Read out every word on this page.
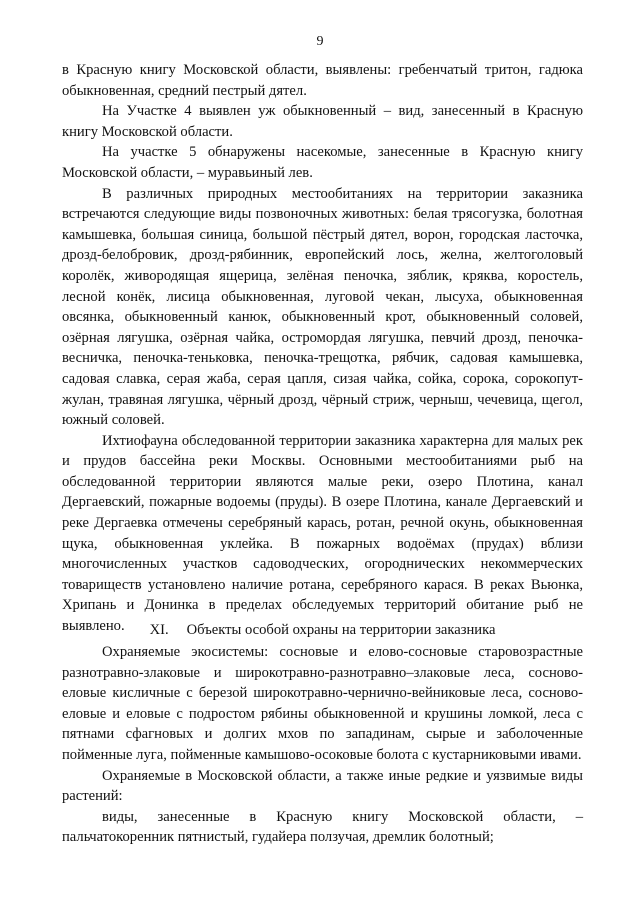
9

в Красную книгу Московской области, выявлены: гребенчатый тритон, гадюка обыкновенная, средний пестрый дятел.

На Участке 4 выявлен уж обыкновенный – вид, занесенный в Красную книгу Московской области.

На участке 5 обнаружены насекомые, занесенные в Красную книгу Московской области, – муравьиный лев.

В различных природных местообитаниях на территории заказника встречаются следующие виды позвоночных животных: белая трясогузка, болотная камышевка, большая синица, большой пёстрый дятел, ворон, городская ласточка, дрозд-белобровик, дрозд-рябинник, европейский лось, желна, желтоголовый королёк, живородящая ящерица, зелёная пеночка, зяблик, кряква, коростель, лесной конёк, лисица обыкновенная, луговой чекан, лысуха, обыкновенная овсянка, обыкновенный канюк, обыкновенный крот, обыкновенный соловей, озёрная лягушка, озёрная чайка, остромордая лягушка, певчий дрозд, пеночка-весничка, пеночка-теньковка, пеночка-трещотка, рябчик, садовая камышевка, садовая славка, серая жаба, серая цапля, сизая чайка, сойка, сорока, сорокопут-жулан, травяная лягушка, чёрный дрозд, чёрный стриж, черныш, чечевица, щегол, южный соловей.

Ихтиофауна обследованной территории заказника характерна для малых рек и прудов бассейна реки Москвы. Основными местообитаниями рыб на обследованной территории являются малые реки, озеро Плотина, канал Дергаевский, пожарные водоемы (пруды). В озере Плотина, канале Дергаевский и реке Дергаевка отмечены серебряный карась, ротан, речной окунь, обыкновенная щука, обыкновенная уклейка. В пожарных водоёмах (прудах) вблизи многочисленных участков садоводческих, огороднических некоммерческих товариществ установлено наличие ротана, серебряного карася. В реках Вьюнка, Хрипань и Донинка в пределах обследуемых территорий обитание рыб не выявлено.	XI. Объекты особой охраны на территории заказника

Охраняемые экосистемы: сосновые и елово-сосновые старовозрастные разнотравно-злаковые и широкотравно-разнотравно–злаковые леса, сосново-еловые кисличные с березой широкотравно-чернично-вейниковые леса, сосново-еловые и еловые с подростом рябины обыкновенной и крушины ломкой, леса с пятнами сфагновых и долгих мхов по западинам, сырые и заболоченные пойменные луга, пойменные камышово-осоковые болота с кустарниковыми ивами.

Охраняемые в Московской области, а также иные редкие и уязвимые виды растений:

виды, занесенные в Красную книгу Московской области, – пальчатокоренник пятнистый, гудайера ползучая, дремлик болотный;
